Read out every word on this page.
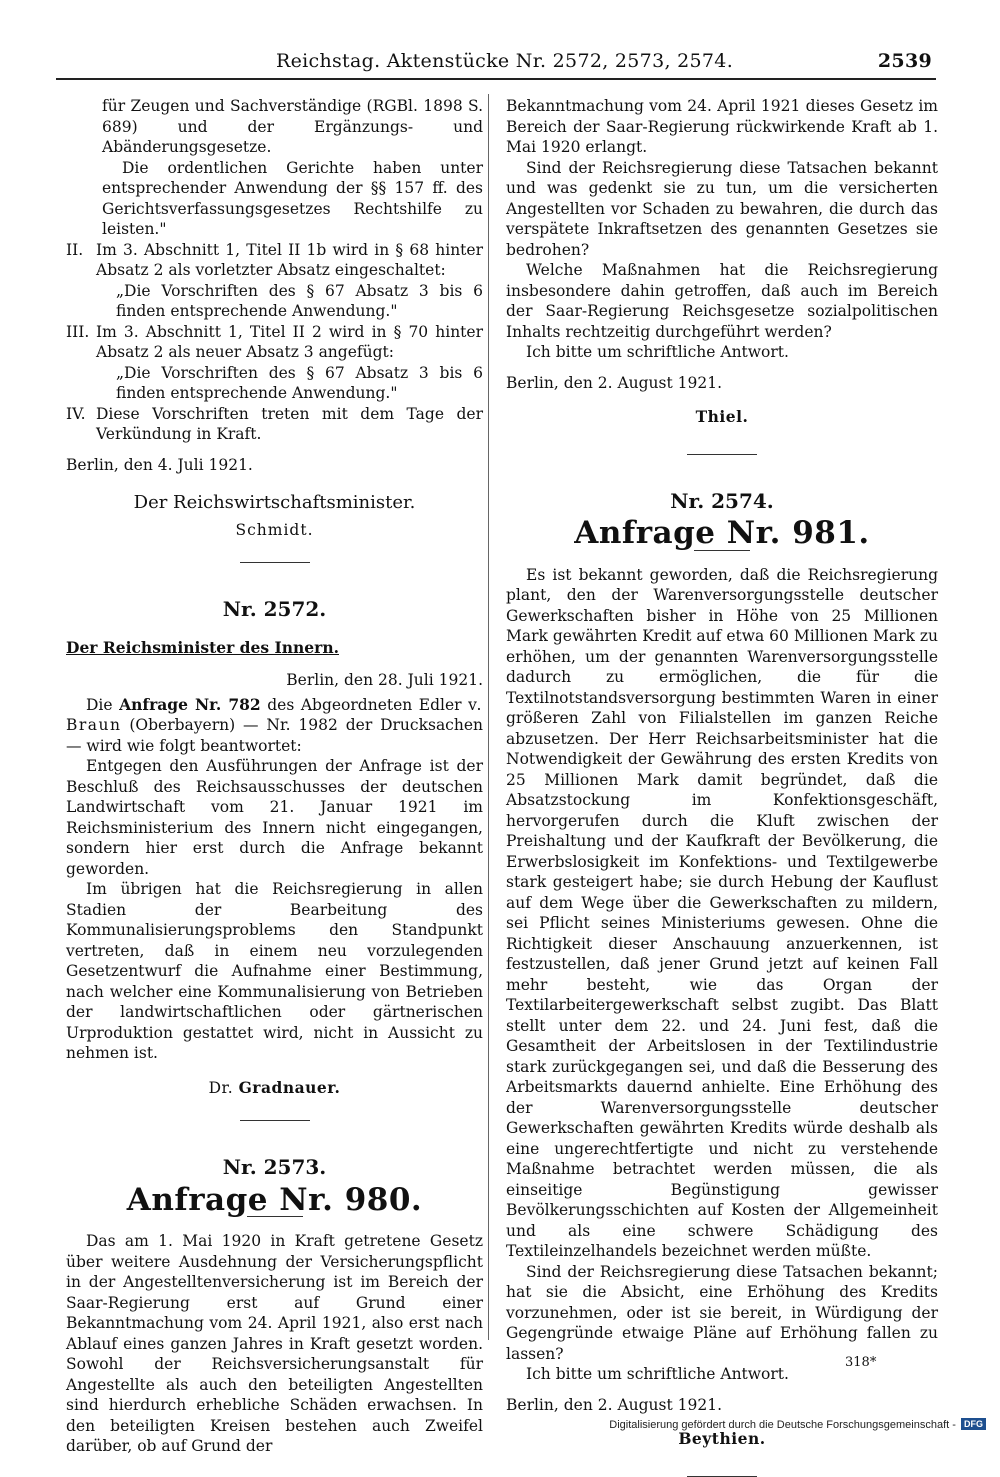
Reichstag. Aktenstücke Nr. 2572, 2573, 2574.	2539

für Zeugen und Sachverständige (RGBl. 1898 S. 689) und der Ergänzungs- und Abänderungsgesetze.

Die ordentlichen Gerichte haben unter entsprechender Anwendung der §§ 157 ff. des Gerichtsverfassungsgesetzes Rechtshilfe zu leisten."

II. Im 3. Abschnitt 1, Titel II 1b wird in § 68 hinter Absatz 2 als vorletzter Absatz eingeschaltet:

„Die Vorschriften des § 67 Absatz 3 bis 6 finden entsprechende Anwendung."

III. Im 3. Abschnitt 1, Titel II 2 wird in § 70 hinter Absatz 2 als neuer Absatz 3 angefügt:

„Die Vorschriften des § 67 Absatz 3 bis 6 finden entsprechende Anwendung."

IV. Diese Vorschriften treten mit dem Tage der Verkündung in Kraft.

Berlin, den 4. Juli 1921.

Der Reichswirtschaftsminister.

Schmidt.

Nr. 2572.

Der Reichsminister des Innern.

Berlin, den 28. Juli 1921.

Die Anfrage Nr. 782 des Abgeordneten Edler v. Braun (Oberbayern) — Nr. 1982 der Drucksachen — wird wie folgt beantwortet:

Entgegen den Ausführungen der Anfrage ist der Beschluß des Reichsausschusses der deutschen Landwirtschaft vom 21. Januar 1921 im Reichsministerium des Innern nicht eingegangen, sondern hier erst durch die Anfrage bekannt geworden.

Im übrigen hat die Reichsregierung in allen Stadien der Bearbeitung des Kommunalisierungsproblems den Standpunkt vertreten, daß in einem neu vorzulegenden Gesetzentwurf die Aufnahme einer Bestimmung, nach welcher eine Kommunalisierung von Betrieben der landwirtschaftlichen oder gärtnerischen Urproduktion gestattet wird, nicht in Aussicht zu nehmen ist.

Dr. Gradnauer.

Nr. 2573.

Anfrage Nr. 980.

Das am 1. Mai 1920 in Kraft getretene Gesetz über weitere Ausdehnung der Versicherungspflicht in der Angestelltenversicherung ist im Bereich der Saar-Regierung erst auf Grund einer Bekanntmachung vom 24. April 1921, also erst nach Ablauf eines ganzen Jahres in Kraft gesetzt worden. Sowohl der Reichsversicherungsanstalt für Angestellte als auch den beteiligten Angestellten sind hierdurch erhebliche Schäden erwachsen. In den beteiligten Kreisen bestehen auch Zweifel darüber, ob auf Grund der

Bekanntmachung vom 24. April 1921 dieses Gesetz im Bereich der Saar-Regierung rückwirkende Kraft ab 1. Mai 1920 erlangt.

Sind der Reichsregierung diese Tatsachen bekannt und was gedenkt sie zu tun, um die versicherten Angestellten vor Schaden zu bewahren, die durch das verspätete Inkraftsetzen des genannten Gesetzes sie bedrohen?

Welche Maßnahmen hat die Reichsregierung insbesondere dahin getroffen, daß auch im Bereich der Saar-Regierung Reichsgesetze sozialpolitischen Inhalts rechtzeitig durchgeführt werden?

Ich bitte um schriftliche Antwort.

Berlin, den 2. August 1921.

Thiel.

Nr. 2574.

Anfrage Nr. 981.

Es ist bekannt geworden, daß die Reichsregierung plant, den der Warenversorgungsstelle deutscher Gewerkschaften bisher in Höhe von 25 Millionen Mark gewährten Kredit auf etwa 60 Millionen Mark zu erhöhen, um der genannten Warenversorgungsstelle dadurch zu ermöglichen, die für die Textilnotstandsversorgung bestimmten Waren in einer größeren Zahl von Filialstellen im ganzen Reiche abzusetzen. Der Herr Reichsarbeitsminister hat die Notwendigkeit der Gewährung des ersten Kredits von 25 Millionen Mark damit begründet, daß die Absatzstockung im Konfektionsgeschäft, hervorgerufen durch die Kluft zwischen der Preishaltung und der Kaufkraft der Bevölkerung, die Erwerbslosigkeit im Konfektions- und Textilgewerbe stark gesteigert habe; sie durch Hebung der Kauflust auf dem Wege über die Gewerkschaften zu mildern, sei Pflicht seines Ministeriums gewesen. Ohne die Richtigkeit dieser Anschauung anzuerkennen, ist festzustellen, daß jener Grund jetzt auf keinen Fall mehr besteht, wie das Organ der Textilarbeitergewerkschaft selbst zugibt. Das Blatt stellt unter dem 22. und 24. Juni fest, daß die Gesamtheit der Arbeitslosen in der Textilindustrie stark zurückgegangen sei, und daß die Besserung des Arbeitsmarkts dauernd anhielte. Eine Erhöhung des der Warenversorgungsstelle deutscher Gewerkschaften gewährten Kredits würde deshalb als eine ungerechtfertigte und nicht zu verstehende Maßnahme betrachtet werden müssen, die als einseitige Begünstigung gewisser Bevölkerungsschichten auf Kosten der Allgemeinheit und als eine schwere Schädigung des Textileinzelhandels bezeichnet werden müßte.

Sind der Reichsregierung diese Tatsachen bekannt; hat sie die Absicht, eine Erhöhung des Kredits vorzunehmen, oder ist sie bereit, in Würdigung der Gegengründe etwaige Pläne auf Erhöhung fallen zu lassen?

Ich bitte um schriftliche Antwort.

Berlin, den 2. August 1921.

Beythien.

318*
Digitalisierung gefördert durch die Deutsche Forschungsgemeinschaft - DFG
